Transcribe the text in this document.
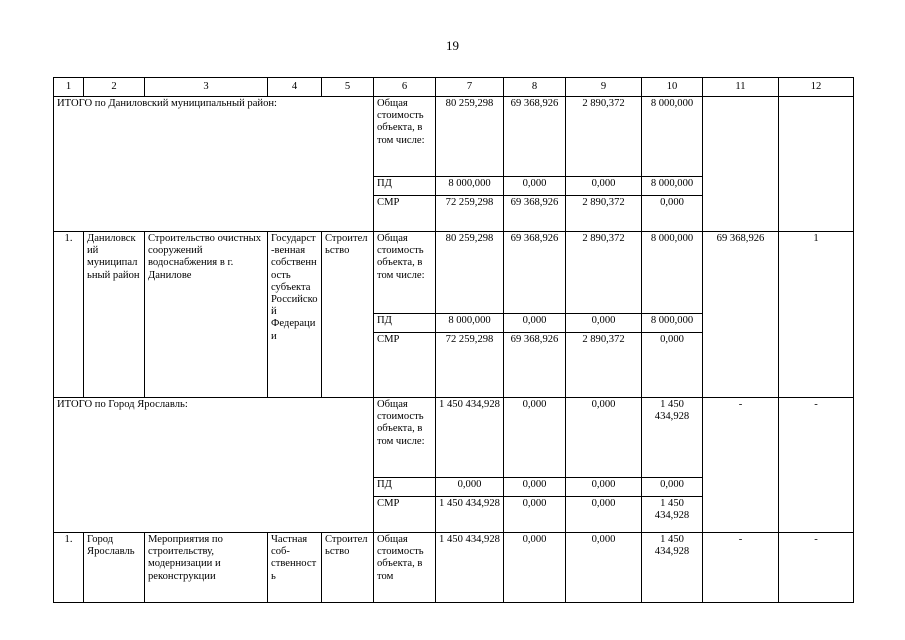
19
1	2	3	4	5	6	7	8	9	10	11	12
ИТОГО по Даниловский муниципальный район:					Общая стоимость объекта, в том числе:	80 259,298	69 368,926	2 890,372	8 000,000		
					ПД	8 000,000	0,000	0,000	8 000,000		
					СМР	72 259,298	69 368,926	2 890,372	0,000		
1.	Даниловский муниципальный район	Строительство очистных сооружений водоснабжения в г. Данилове	Государст-венная собственность субъекта Российской Федерации	Строительство	Общая стоимость объекта, в том числе:	80 259,298	69 368,926	2 890,372	8 000,000	69 368,926	1
					ПД	8 000,000	0,000	0,000	8 000,000		
					СМР	72 259,298	69 368,926	2 890,372	0,000		
ИТОГО по Город Ярославль:					Общая стоимость объекта, в том числе:	1 450 434,928	0,000	0,000	1 450 434,928	-	-
					ПД	0,000	0,000	0,000	0,000		
					СМР	1 450 434,928	0,000	0,000	1 450 434,928		
1.	Город Ярославль	Мероприятия по строительству, модернизации и реконструкции	Частная соб-ственность	Строительство	Общая стоимость объекта, в том	1 450 434,928	0,000	0,000	1 450 434,928	-	-
